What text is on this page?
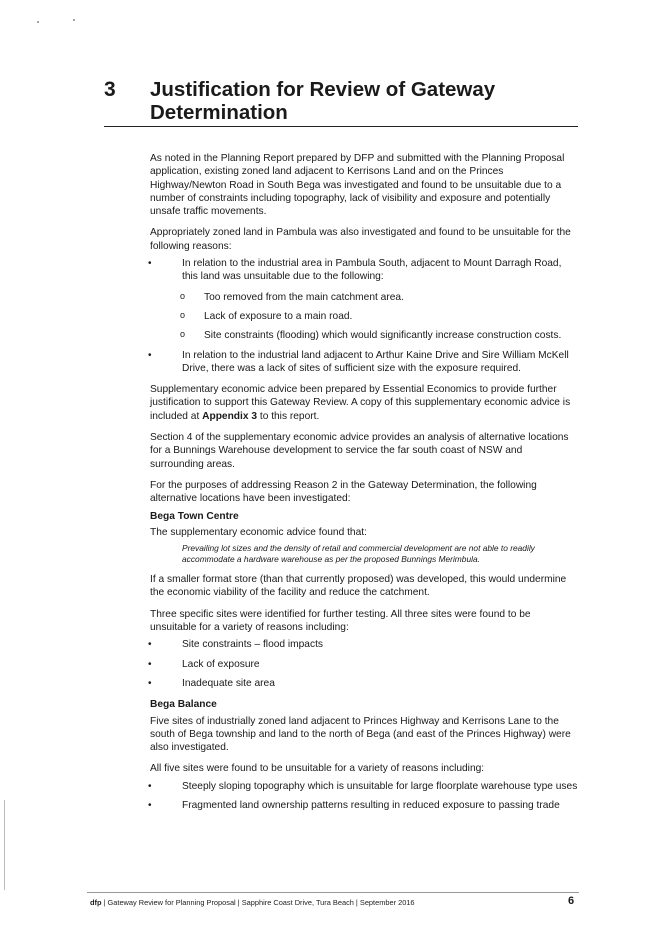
3 Justification for Review of Gateway Determination

As noted in the Planning Report prepared by DFP and submitted with the Planning Proposal application, existing zoned land adjacent to Kerrisons Land and on the Princes Highway/Newton Road in South Bega was investigated and found to be unsuitable due to a number of constraints including topography, lack of visibility and exposure and potentially unsafe traffic movements.

Appropriately zoned land in Pambula was also investigated and found to be unsuitable for the following reasons:

•	In relation to the industrial area in Pambula South, adjacent to Mount Darragh Road, this land was unsuitable due to the following:
o Too removed from the main catchment area.
o Lack of exposure to a main road.
o Site constraints (flooding) which would significantly increase construction costs.
•	In relation to the industrial land adjacent to Arthur Kaine Drive and Sire William McKell Drive, there was a lack of sites of sufficient size with the exposure required.

Supplementary economic advice been prepared by Essential Economics to provide further justification to support this Gateway Review. A copy of this supplementary economic advice is included at Appendix 3 to this report.

Section 4 of the supplementary economic advice provides an analysis of alternative locations for a Bunnings Warehouse development to service the far south coast of NSW and surrounding areas.

For the purposes of addressing Reason 2 in the Gateway Determination, the following alternative locations have been investigated:

Bega Town Centre

The supplementary economic advice found that:

Prevailing lot sizes and the density of retail and commercial development are not able to readily accommodate a hardware warehouse as per the proposed Bunnings Merimbula.

If a smaller format store (than that currently proposed) was developed, this would undermine the economic viability of the facility and reduce the catchment.

Three specific sites were identified for further testing. All three sites were found to be unsuitable for a variety of reasons including:

•	Site constraints – flood impacts
•	Lack of exposure
•	Inadequate site area
Bega Balance

Five sites of industrially zoned land adjacent to Princes Highway and Kerrisons Lane to the south of Bega township and land to the north of Bega (and east of the Princes Highway) were also investigated.

All five sites were found to be unsuitable for a variety of reasons including:

•	Steeply sloping topography which is unsuitable for large floorplate warehouse type uses
•	Fragmented land ownership patterns resulting in reduced exposure to passing trade
dfp | Gateway Review for Planning Proposal | Sapphire Coast Drive, Tura Beach | September 2016	6
